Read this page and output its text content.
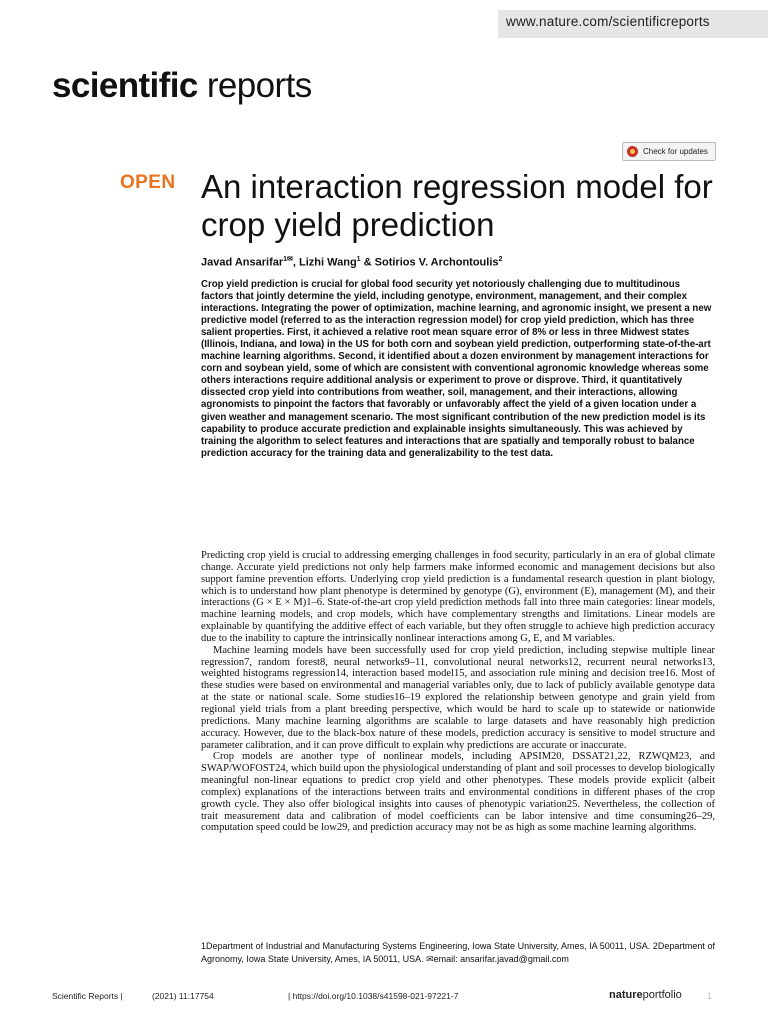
www.nature.com/scientificreports
scientific reports
Check for updates
OPEN An interaction regression model for crop yield prediction
Javad Ansarifar$^{1✉}$, Lizhi Wang$^1$ & Sotirios V. Archontoulis$^2$

Crop yield prediction is crucial for global food security yet notoriously challenging due to multitudinous factors that jointly determine the yield, including genotype, environment, management, and their complex interactions. Integrating the power of optimization, machine learning, and agronomic insight, we present a new predictive model (referred to as the interaction regression model) for crop yield prediction, which has three salient properties. First, it achieved a relative root mean square error of 8% or less in three Midwest states (Illinois, Indiana, and Iowa) in the US for both corn and soybean yield prediction, outperforming state-of-the-art machine learning algorithms. Second, it identified about a dozen environment by management interactions for corn and soybean yield, some of which are consistent with conventional agronomic knowledge whereas some others interactions require additional analysis or experiment to prove or disprove. Third, it quantitatively dissected crop yield into contributions from weather, soil, management, and their interactions, allowing agronomists to pinpoint the factors that favorably or unfavorably affect the yield of a given location under a given weather and management scenario. The most significant contribution of the new prediction model is its capability to produce accurate prediction and explainable insights simultaneously. This was achieved by training the algorithm to select features and interactions that are spatially and temporally robust to balance prediction accuracy for the training data and generalizability to the test data.

Predicting crop yield is crucial to addressing emerging challenges in food security, particularly in an era of global climate change. Accurate yield predictions not only help farmers make informed economic and management decisions but also support famine prevention efforts. Underlying crop yield prediction is a fundamental research question in plant biology, which is to understand how plant phenotype is determined by genotype (G), environment (E), management (M), and their interactions (G × E × M)1–6. State-of-the-art crop yield prediction methods fall into three main categories: linear models, machine learning models, and crop models, which have complementary strengths and limitations. Linear models are explainable by quantifying the additive effect of each variable, but they often struggle to achieve high prediction accuracy due to the inability to capture the intrinsically nonlinear interactions among G, E, and M variables.

Machine learning models have been successfully used for crop yield prediction, including stepwise multiple linear regression7, random forest8, neural networks9–11, convolutional neural networks12, recurrent neural networks13, weighted histograms regression14, interaction based model15, and association rule mining and decision tree16. Most of these studies were based on environmental and managerial variables only, due to lack of publicly available genotype data at the state or national scale. Some studies16–19 explored the relationship between genotype and grain yield from regional yield trials from a plant breeding perspective, which would be hard to scale up to statewide or nationwide predictions. Many machine learning algorithms are scalable to large datasets and have reasonably high prediction accuracy. However, due to the black-box nature of these models, prediction accuracy is sensitive to model structure and parameter calibration, and it can prove difficult to explain why predictions are accurate or inaccurate.

Crop models are another type of nonlinear models, including APSIM20, DSSAT21,22, RZWQM23, and SWAP/WOFOST24, which build upon the physiological understanding of plant and soil processes to develop biologically meaningful non-linear equations to predict crop yield and other phenotypes. These models provide explicit (albeit complex) explanations of the interactions between traits and environmental conditions in different phases of the crop growth cycle. They also offer biological insights into causes of phenotypic variation25. Nevertheless, the collection of trait measurement data and calibration of model coefficients can be labor intensive and time consuming26–29, computation speed could be low29, and prediction accuracy may not be as high as some machine learning algorithms.

1Department of Industrial and Manufacturing Systems Engineering, Iowa State University, Ames, IA 50011, USA. 2Department of Agronomy, Iowa State University, Ames, IA 50011, USA. ✉email: ansarifar.javad@gmail.com
Scientific Reports |	(2021) 11:17754	| https://doi.org/10.1038/s41598-021-97221-7	natureportfolio	1
